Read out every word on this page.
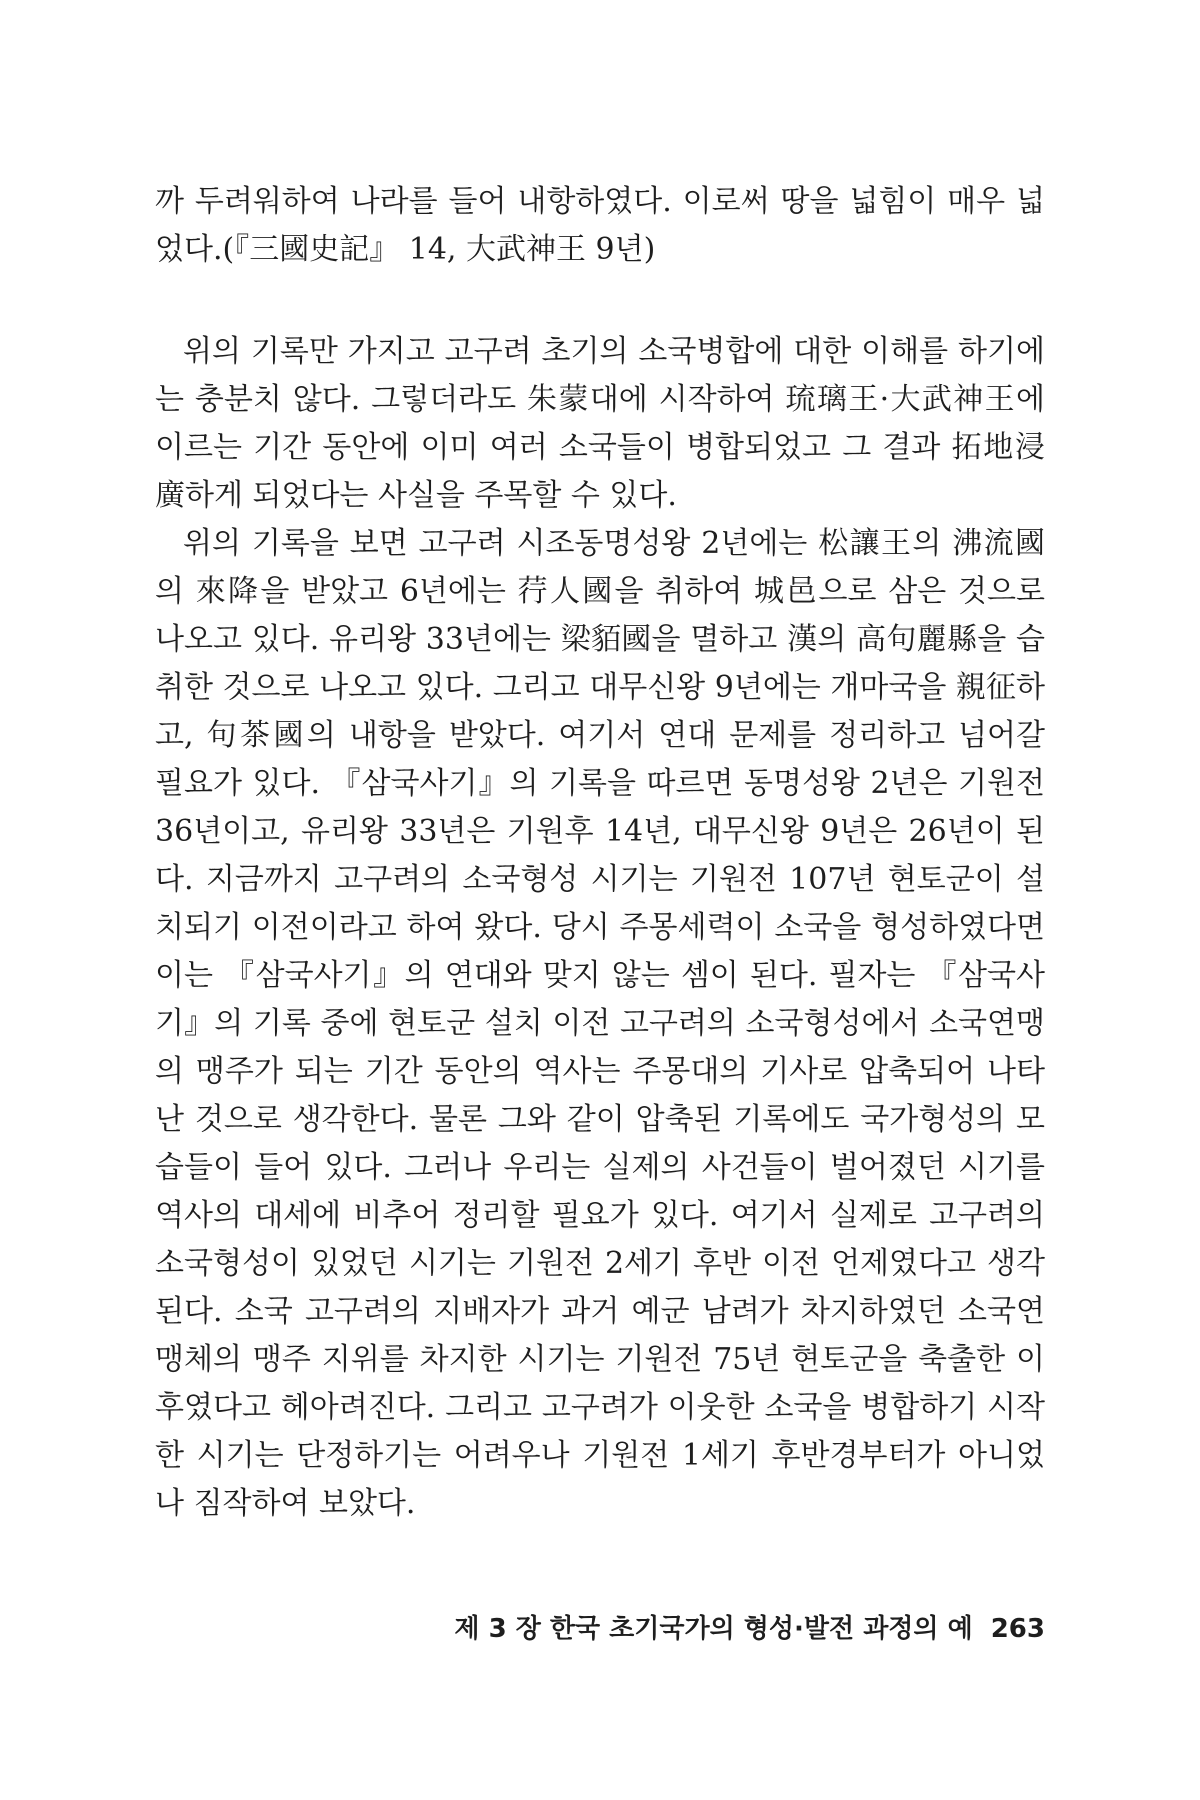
까 두려워하여 나라를 들어 내항하였다. 이로써 땅을 넓힘이 매우 넓었다.(『三國史記』 14, 大武神王 9년)

위의 기록만 가지고 고구려 초기의 소국병합에 대한 이해를 하기에는 충분치 않다. 그렇더라도 朱蒙대에 시작하여 琉璃王·大武神王에 이르는 기간 동안에 이미 여러 소국들이 병합되었고 그 결과 拓地浸廣하게 되었다는 사실을 주목할 수 있다.

위의 기록을 보면 고구려 시조동명성왕 2년에는 松讓王의 沸流國의 來降을 받았고 6년에는 荇人國을 취하여 城邑으로 삼은 것으로 나오고 있다. 유리왕 33년에는 梁貊國을 멸하고 漢의 高句麗縣을 습취한 것으로 나오고 있다. 그리고 대무신왕 9년에는 개마국을 親征하고, 句茶國의 내항을 받았다. 여기서 연대 문제를 정리하고 넘어갈 필요가 있다. 『삼국사기』의 기록을 따르면 동명성왕 2년은 기원전 36년이고, 유리왕 33년은 기원후 14년, 대무신왕 9년은 26년이 된다. 지금까지 고구려의 소국형성 시기는 기원전 107년 현토군이 설치되기 이전이라고 하여 왔다. 당시 주몽세력이 소국을 형성하였다면 이는 『삼국사기』의 연대와 맞지 않는 셈이 된다. 필자는 『삼국사기』의 기록 중에 현토군 설치 이전 고구려의 소국형성에서 소국연맹의 맹주가 되는 기간 동안의 역사는 주몽대의 기사로 압축되어 나타난 것으로 생각한다. 물론 그와 같이 압축된 기록에도 국가형성의 모습들이 들어 있다. 그러나 우리는 실제의 사건들이 벌어졌던 시기를 역사의 대세에 비추어 정리할 필요가 있다. 여기서 실제로 고구려의 소국형성이 있었던 시기는 기원전 2세기 후반 이전 언제였다고 생각된다. 소국 고구려의 지배자가 과거 예군 남려가 차지하였던 소국연맹체의 맹주 지위를 차지한 시기는 기원전 75년 현토군을 축출한 이후였다고 헤아려진다. 그리고 고구려가 이웃한 소국을 병합하기 시작한 시기는 단정하기는 어려우나 기원전 1세기 후반경부터가 아니었나 짐작하여 보았다.

제 3 장 한국 초기국가의 형성·발전 과정의 예 263
